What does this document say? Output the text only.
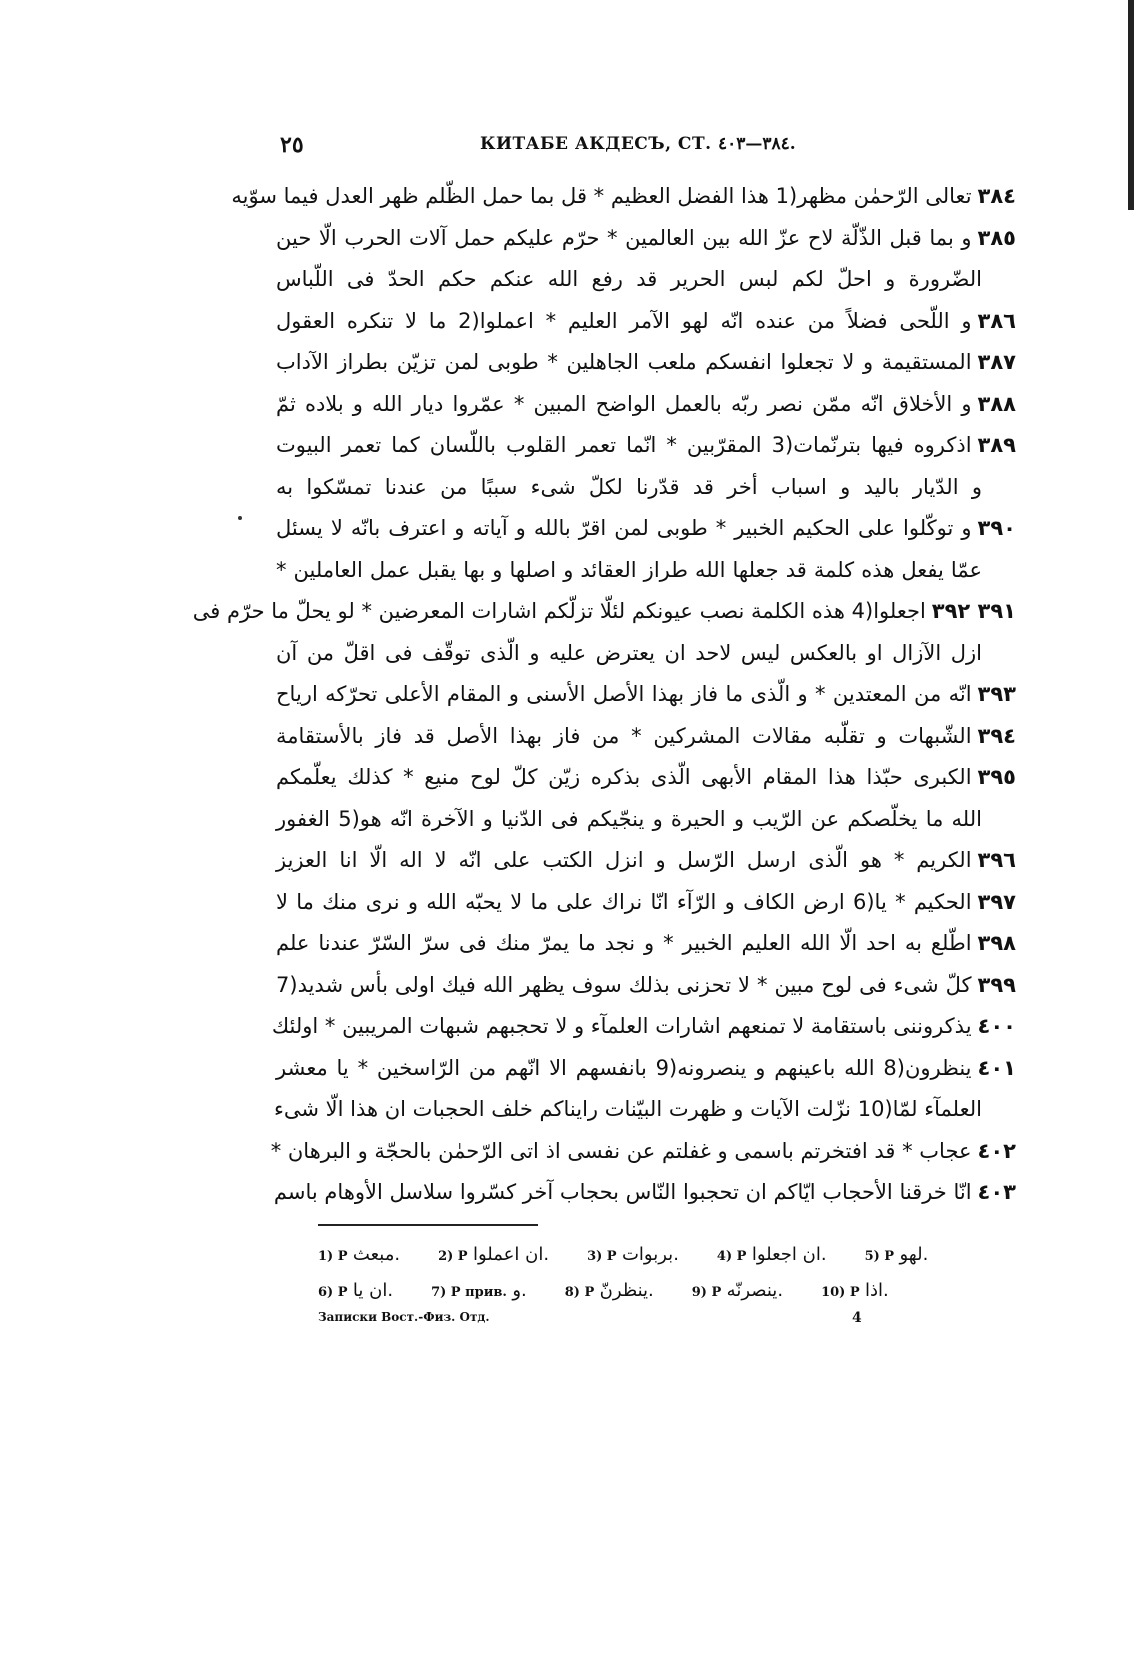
٢٥	КИТАБЕ АКДЕСЪ, СТ. ٣٨٤—٤٠٣.
٣٨٤تعالى الرّحمٰن مظهر(1 هذا الفضل العظيم * قل بما حمل الظّلم ظهر العدل فيما سوّيه
٣٨٥و بما قبل الذّلّة لاح عزّ الله بين العالمين * حرّم عليكم حمل آلات الحرب الّا حين
الضّرورة و احلّ لكم لبس الحرير قد رفع الله عنكم حكم الحدّ فى اللّباس
٣٨٦و اللّحى فضلاً من عنده انّه لهو الآمر العليم * اعملوا(2 ما لا تنكره العقول
٣٨٧المستقيمة و لا تجعلوا انفسكم ملعب الجاهلين * طوبى لمن تزيّن بطراز الآداب
٣٨٨و الأخلاق انّه ممّن نصر ربّه بالعمل الواضح المبين * عمّروا ديار الله و بلاده ثمّ
٣٨٩اذكروه فيها بترنّمات(3 المقرّبين * انّما تعمر القلوب باللّسان كما تعمر البيوت
و الدّيار باليد و اسباب أخر قد قدّرنا لكلّ شىء سببًا من عندنا تمسّكوا به
٣٩٠و توكّلوا على الحكيم الخبير * طوبى لمن اقرّ بالله و آياته و اعترف بانّه لا يسئل
عمّا يفعل هذه كلمة قد جعلها الله طراز العقائد و اصلها و بها يقبل عمل العاملين *
٣٩١ ٣٩٢اجعلوا(4 هذه الكلمة نصب عيونكم لئلّا تزلّكم اشارات المعرضين * لو يحلّ ما حرّم فى
ازل الآزال او بالعكس ليس لاحد ان يعترض عليه و الّذى توقّف فى اقلّ من آن
٣٩٣انّه من المعتدين * و الّذى ما فاز بهذا الأصل الأسنى و المقام الأعلى تحرّكه ارياح
٣٩٤الشّبهات و تقلّبه مقالات المشركين * من فاز بهذا الأصل قد فاز بالأستقامة
٣٩٥الكبرى حبّذا هذا المقام الأبهى الّذى بذكره زيّن كلّ لوح منيع * كذلك يعلّمكم
الله ما يخلّصكم عن الرّيب و الحيرة و ينجّيكم فى الدّنيا و الآخرة انّه هو(5 الغفور
٣٩٦الكريم * هو الّذى ارسل الرّسل و انزل الكتب على انّه لا اله الّا انا العزيز
٣٩٧الحكيم * يا(6 ارض الكاف و الرّآء انّا نراك على ما لا يحبّه الله و نرى منك ما لا
٣٩٨اطّلع به احد الّا الله العليم الخبير * و نجد ما يمرّ منك فى سرّ السّرّ عندنا علم
٣٩٩كلّ شىء فى لوح مبين * لا تحزنى بذلك سوف يظهر الله فيك اولى بأس شديد(7
٤٠٠يذكروننى باستقامة لا تمنعهم اشارات العلمآء و لا تحجبهم شبهات المريبين * اولئك
٤٠١ينظرون(8 الله باعينهم و ينصرونه(9 بانفسهم الا انّهم من الرّاسخين * يا معشر
العلمآء لمّا(10 نزّلت الآيات و ظهرت البيّنات رايناكم خلف الحجبات ان هذا الّا شىء
٤٠٢عجاب * قد افتخرتم باسمى و غفلتم عن نفسى اذ اتى الرّحمٰن بالحجّة و البرهان *
٤٠٣انّا خرقنا الأحجاب ايّاكم ان تحجبوا النّاس بحجاب آخر كسّروا سلاسل الأوهام باسم
1) P مبعث.	2) P ان اعملوا.	3) P بربوات.	4) P ان اجعلوا.	5) P لهو.
6) P ان يا.	7) P прив. و.	8) P ينظرنّ.	9) P ينصرنّه.	10) P اذا.
Записки Вост.-Физ. Отд.	4
